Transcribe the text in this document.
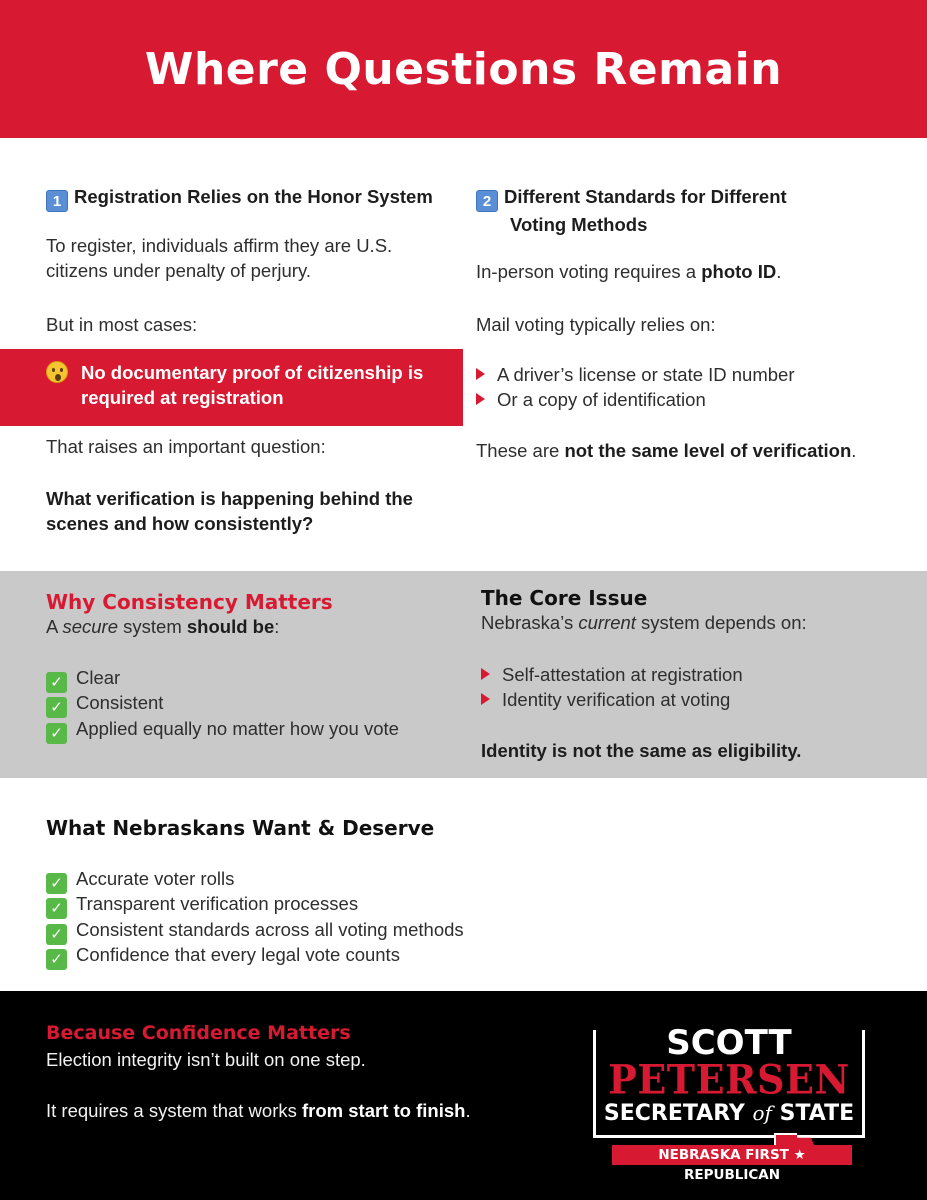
Where Questions Remain
1 Registration Relies on the Honor System
To register, individuals affirm they are U.S. citizens under penalty of perjury.
But in most cases:
No documentary proof of citizenship is required at registration
That raises an important question:
What verification is happening behind the scenes and how consistently?
2 Different Standards for Different
Voting Methods
In-person voting requires a photo ID.
Mail voting typically relies on:
A driver’s license or state ID number
Or a copy of identification
These are not the same level of verification.
Why Consistency Matters
A secure system should be:
✓ Clear
✓ Consistent
✓ Applied equally no matter how you vote
The Core Issue
Nebraska’s current system depends on:
Self-attestation at registration
Identity verification at voting
Identity is not the same as eligibility.
What Nebraskans Want & Deserve
✓ Accurate voter rolls
✓ Transparent verification processes
✓ Consistent standards across all voting methods
✓ Confidence that every legal vote counts
Because Confidence Matters
Election integrity isn’t built on one step.
It requires a system that works from start to finish.
SCOTT
PETERSEN
SECRETARY of STATE
NEBRASKA FIRST ★ REPUBLICAN
